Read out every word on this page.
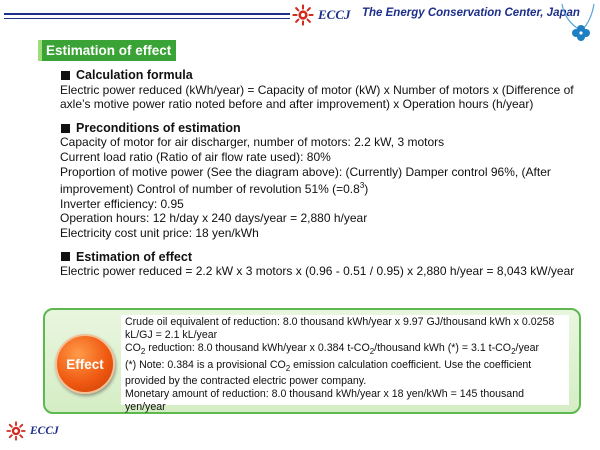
ECCJ The Energy Conservation Center, Japan
Estimation of effect
Calculation formula

Electric power reduced (kWh/year) = Capacity of motor (kW) x Number of motors x (Difference of axle’s motive power ratio noted before and after improvement) x Operation hours (h/year)

Preconditions of estimation

Capacity of motor for air discharger, number of motors: 2.2 kW, 3 motors

Current load ratio (Ratio of air flow rate used): 80%

Proportion of motive power (See the diagram above): (Currently) Damper control 96%, (After improvement) Control of number of revolution 51% $(=0.8^3)$

Inverter efficiency: 0.95

Operation hours: 12 h/day x 240 days/year = 2,880 h/year

Electricity cost unit price: 18 yen/kWh

Estimation of effect

Electric power reduced = 2.2 kW x 3 motors x (0.96 - 0.51 / 0.95) x 2,880 h/year = 8,043 kW/year

Effect
Crude oil equivalent of reduction: 8.0 thousand kWh/year x 9.97 GJ/thousand kWh x 0.0258 kL/GJ = 2.1 kL/year
$CO_2$ reduction: 8.0 thousand kWh/year x 0.384 $t-CO_2$/thousand kWh (*) = 3.1 $t-CO_2$/year
(*) Note: 0.384 is a provisional $CO_2$ emission calculation coefficient. Use the coefficient provided by the contracted electric power company.
Monetary amount of reduction: 8.0 thousand kWh/year x 18 yen/kWh = 145 thousand yen/year
ECCJ
